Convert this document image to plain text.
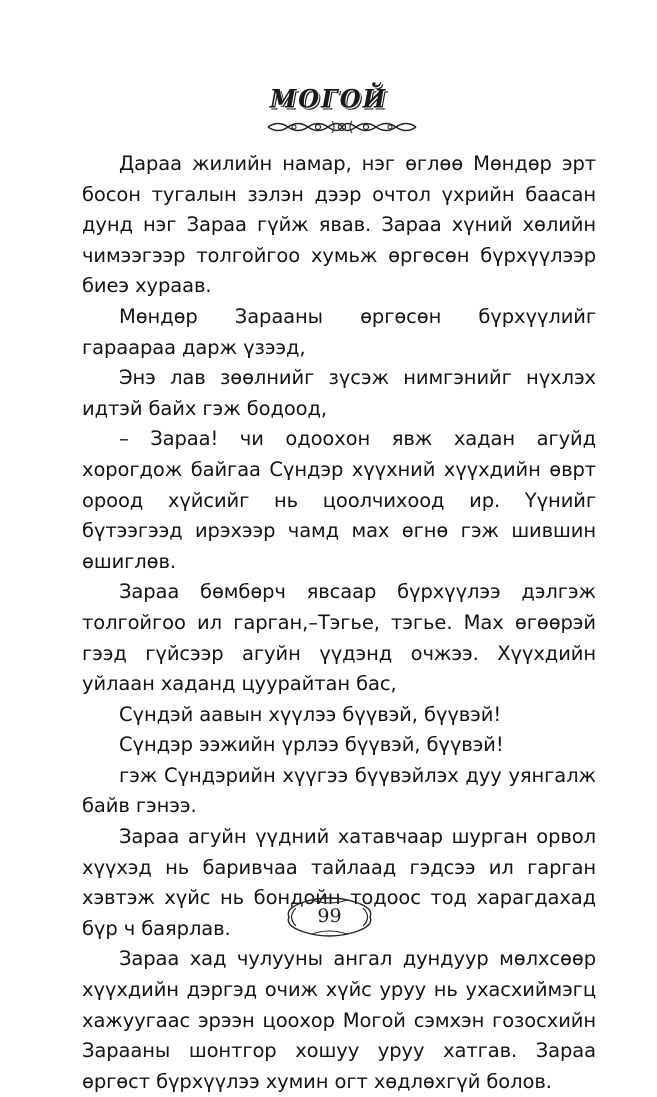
МОГОЙ

Дараа жилийн намар, нэг өглөө Мөндөр эрт босон тугалын зэлэн дээр очтол үхрийн баасан дунд нэг Зараа гүйж явав. Зараа хүний хөлийн чимээгээр толгойгоо хумьж өргөсөн бүрхүүлээр биеэ хураав.

Мөндөр Зарааны өргөсөн бүрхүүлийг гараараа дарж үзээд,

Энэ лав зөөлнийг зүсэж нимгэнийг нүхлэх идтэй байх гэж бодоод,

– Зараа! чи одоохон явж хадан агуйд хорогдож байгаа Сүндэр хүүхний хүүхдийн өврт ороод хүйсийг нь цоолчихоод ир. Үүнийг бүтээгээд ирэхээр чамд мах өгнө гэж шившин өшиглөв.

Зараа бөмбөрч явсаар бүрхүүлээ дэлгэж толгойгоо ил гарган,–Тэгье, тэгье. Мах өгөөрэй гээд гүйсээр агуйн үүдэнд очжээ. Хүүхдийн уйлаан хаданд цуурайтан бас,

Сүндэй аавын хүүлээ бүүвэй, бүүвэй!

Сүндэр ээжийн үрлээ бүүвэй, бүүвэй!

гэж Сүндэрийн хүүгээ бүүвэйлэх дуу уянгалж байв гэнээ.

Зараа агуйн үүдний хатавчаар шурган орвол хүүхэд нь баривчаа тайлаад гэдсээ ил гарган хэвтэж хүйс нь бондойн тодоос тод харагдахад бүр ч баярлав.

Зараа хад чулууны ангал дундуур мөлхсөөр хүүхдийн дэргэд очиж хүйс уруу нь ухасхиймэгц хажуугаас эрээн цоохор Могой сэмхэн гозосхийн Зарааны шонтгор хошуу уруу хатгав. Зараа өргөст бүрхүүлээ хумин огт хөдлөхгүй болов.

99
